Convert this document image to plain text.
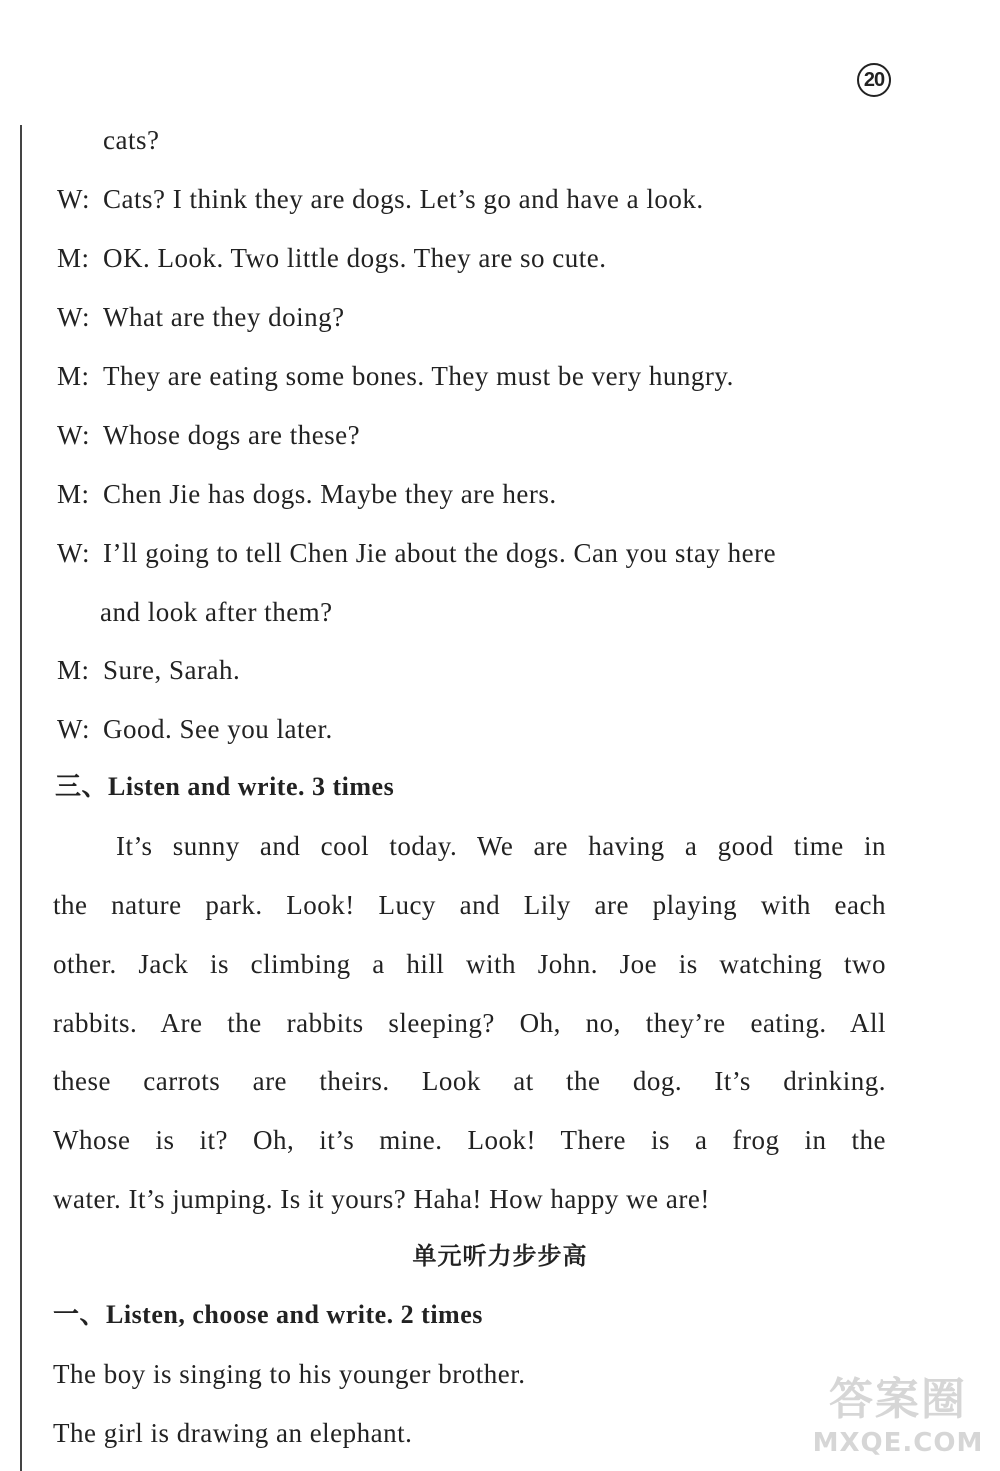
20
cats?
W: Cats? I think they are dogs. Let’s go and have a look.
M: OK. Look. Two little dogs. They are so cute.
W: What are they doing?
M: They are eating some bones. They must be very hungry.
W: Whose dogs are these?
M: Chen Jie has dogs. Maybe they are hers.
W: I’ll going to tell Chen Jie about the dogs. Can you stay here
and look after them?
M: Sure, Sarah.
W: Good. See you later.
三、Listen and write. 3 times
It’s sunny and cool today. We are having a good time in
the nature park. Look! Lucy and Lily are playing with each
other. Jack is climbing a hill with John. Joe is watching two
rabbits. Are the rabbits sleeping? Oh, no, they’re eating. All
these carrots are theirs. Look at the dog. It’s drinking.
Whose is it? Oh, it’s mine. Look! There is a frog in the
water. It’s jumping. Is it yours? Haha! How happy we are!
单元听力步步高
一、Listen, choose and write. 2 times
The boy is singing to his younger brother.
The girl is drawing an elephant.
答案圈
MXQE.COM
